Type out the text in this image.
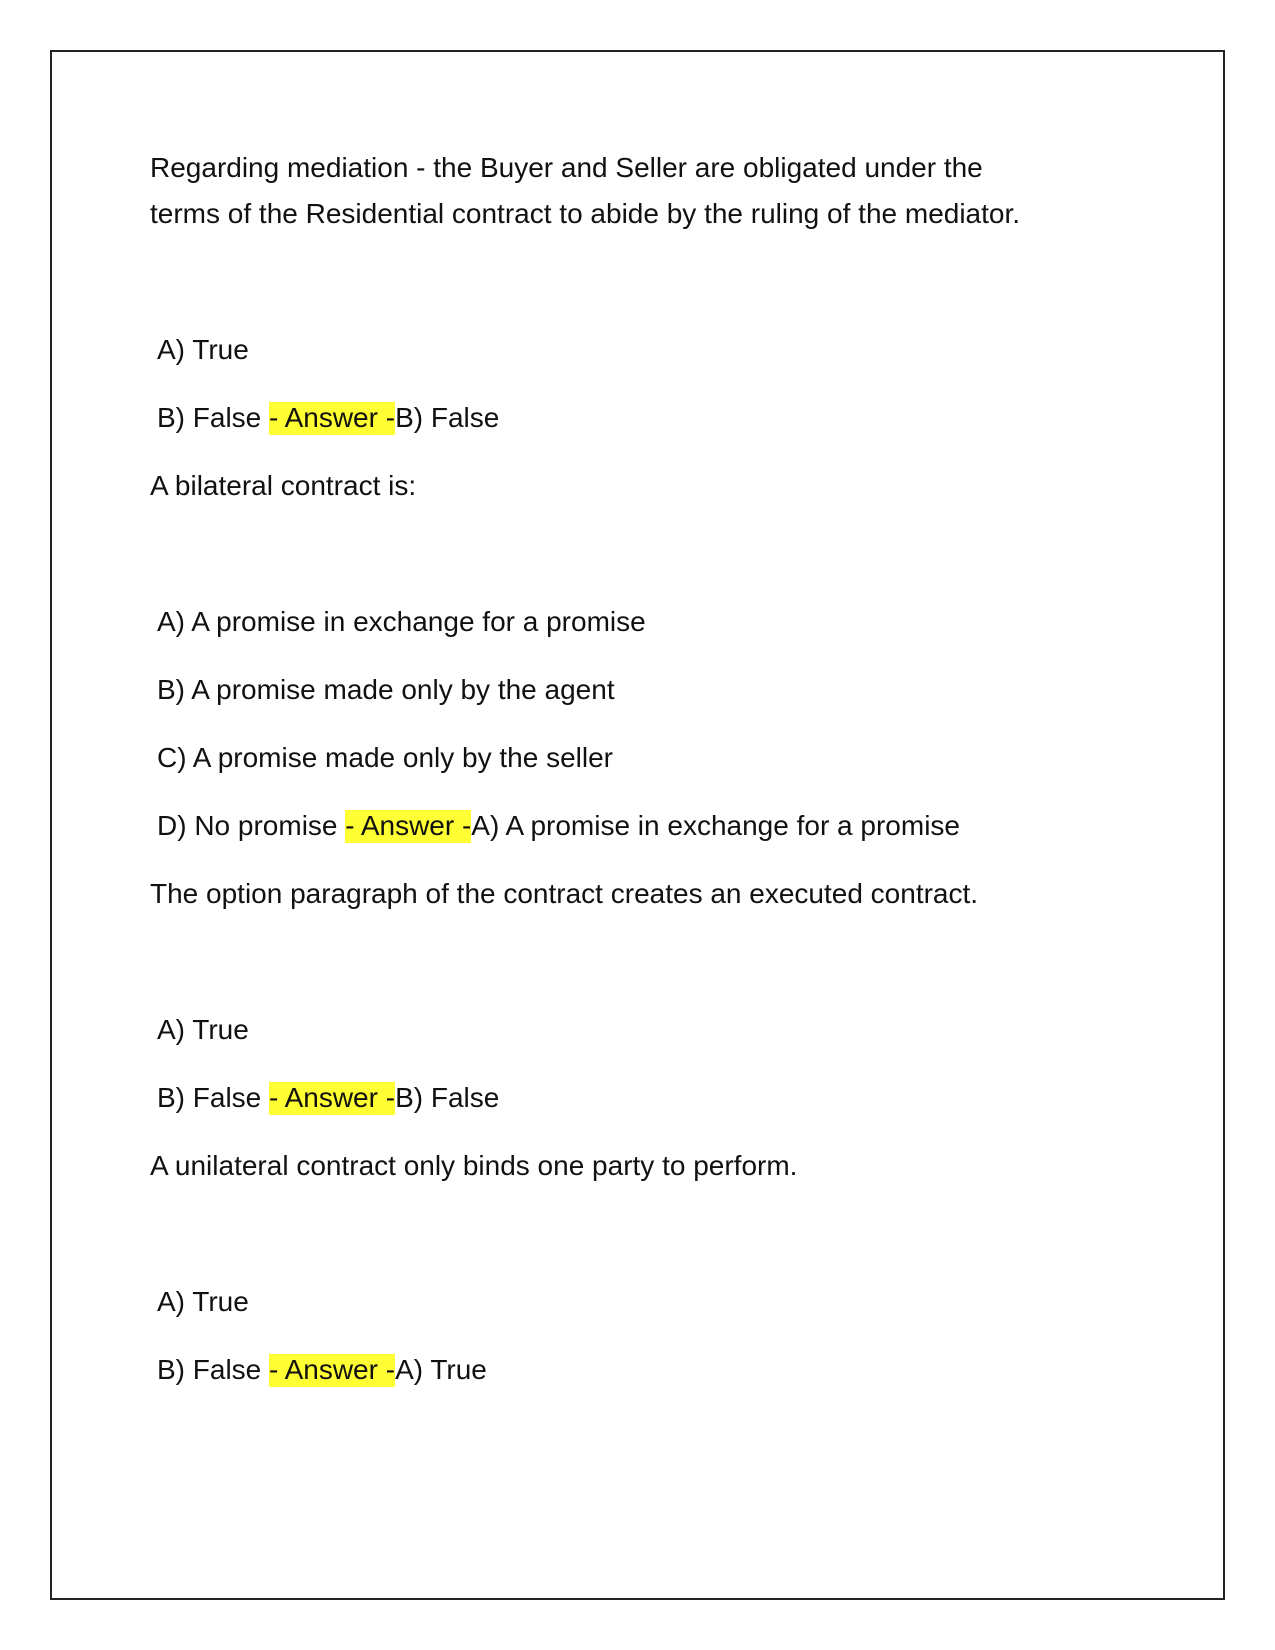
Regarding mediation - the Buyer and Seller are obligated under the
terms of the Residential contract to abide by the ruling of the mediator.
A) True
B) False - Answer -B) False
A bilateral contract is:
A) A promise in exchange for a promise
B) A promise made only by the agent
C) A promise made only by the seller
D) No promise - Answer -A) A promise in exchange for a promise
The option paragraph of the contract creates an executed contract.
A) True
B) False - Answer -B) False
A unilateral contract only binds one party to perform.
A) True
B) False - Answer -A) True
